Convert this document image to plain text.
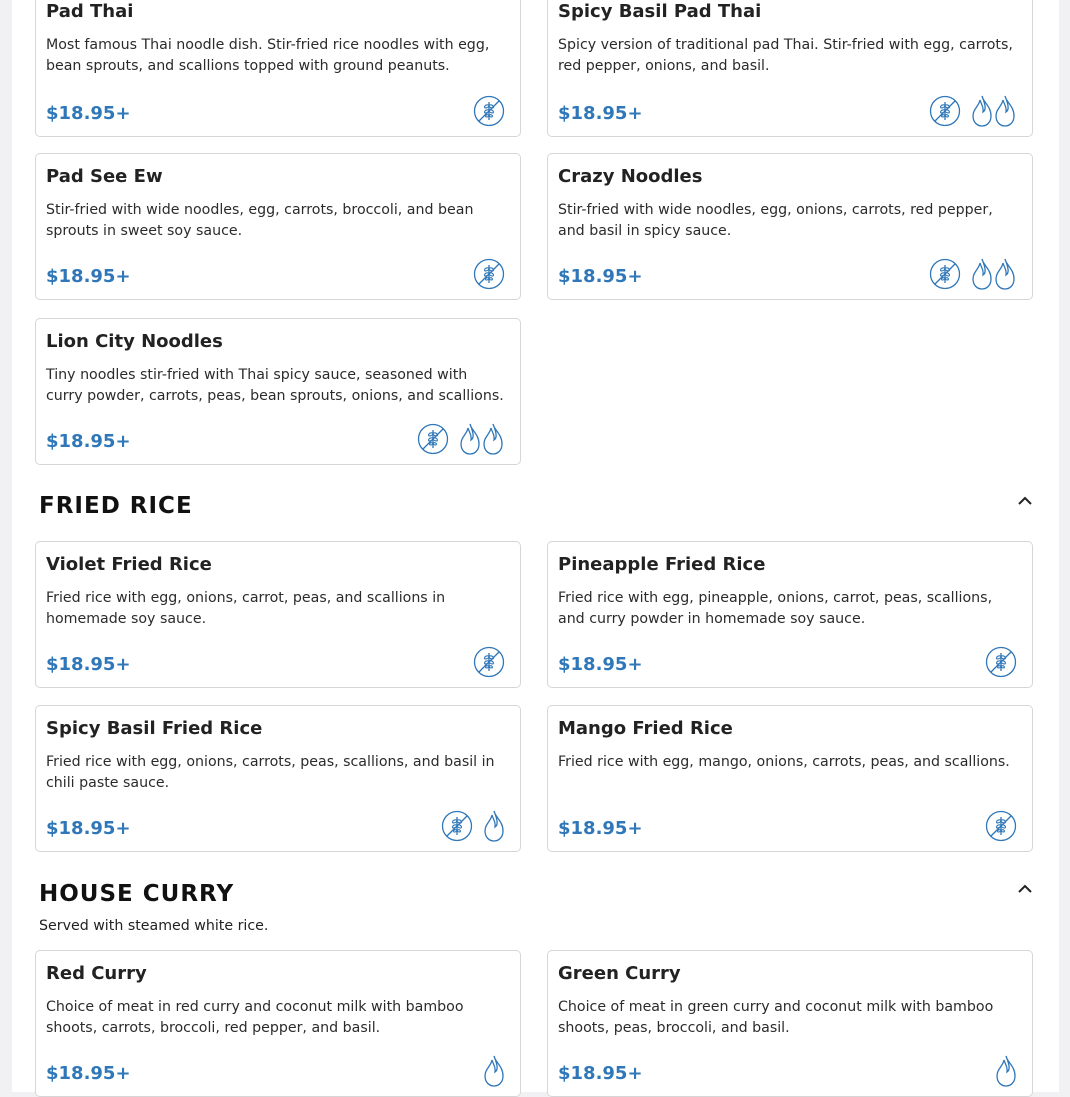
Pad Thai
Most famous Thai noodle dish. Stir-fried rice noodles with egg, bean sprouts, and scallions topped with ground peanuts.
$18.95+
Spicy Basil Pad Thai
Spicy version of traditional pad Thai. Stir-fried with egg, carrots, red pepper, onions, and basil.
$18.95+
Pad See Ew
Stir-fried with wide noodles, egg, carrots, broccoli, and bean sprouts in sweet soy sauce.
$18.95+
Crazy Noodles
Stir-fried with wide noodles, egg, onions, carrots, red pepper, and basil in spicy sauce.
$18.95+
Lion City Noodles
Tiny noodles stir-fried with Thai spicy sauce, seasoned with curry powder, carrots, peas, bean sprouts, onions, and scallions.
$18.95+
FRIED RICE
Violet Fried Rice
Fried rice with egg, onions, carrot, peas, and scallions in homemade soy sauce.
$18.95+
Pineapple Fried Rice
Fried rice with egg, pineapple, onions, carrot, peas, scallions, and curry powder in homemade soy sauce.
$18.95+
Spicy Basil Fried Rice
Fried rice with egg, onions, carrots, peas, scallions, and basil in chili paste sauce.
$18.95+
Mango Fried Rice
Fried rice with egg, mango, onions, carrots, peas, and scallions.
$18.95+
HOUSE CURRY
Served with steamed white rice.
Red Curry
Choice of meat in red curry and coconut milk with bamboo shoots, carrots, broccoli, red pepper, and basil.
$18.95+
Green Curry
Choice of meat in green curry and coconut milk with bamboo shoots, peas, broccoli, and basil.
$18.95+
